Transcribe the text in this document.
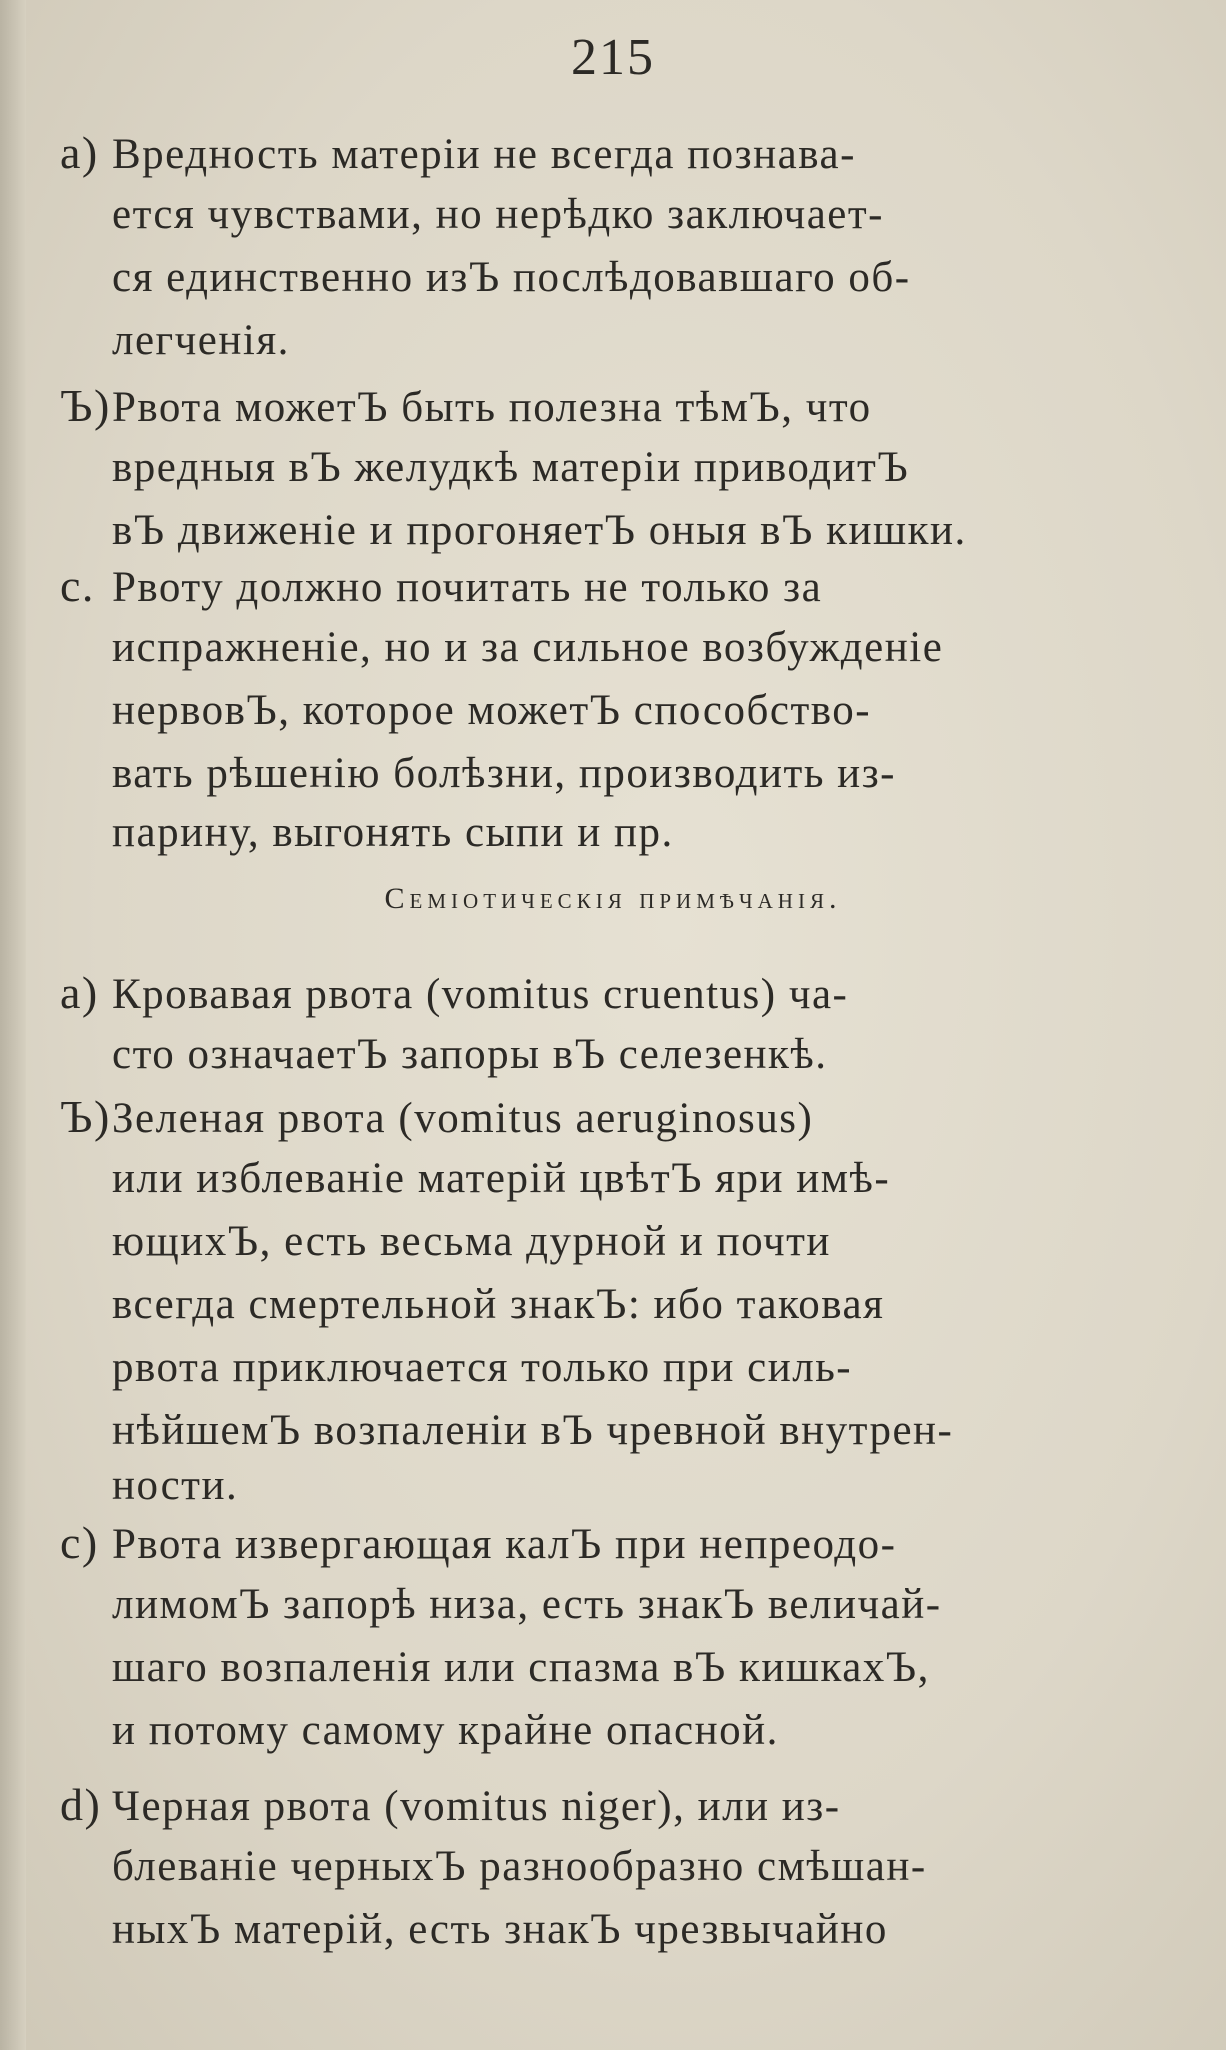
215
a) Вредность матеріи не всегда познава-
ется чувствами, но нерѣдко заключает-
ся единственно изЪ послѣдовавшаго об-
легченія.
Ъ)Рвота можетЪ быть полезна тѣмЪ, что
вредныя вЪ желудкѣ матеріи приводитЪ
вЪ движеніе и прогоняетЪ оныя вЪ кишки.
c. Рвоту должно почитать не только за
испражненіе, но и за сильное возбужденіе
нервовЪ, которое можетЪ способство-
вать рѣшенію болѣзни, производить из-
парину, выгонять сыпи и пр.
Семіотическія примѣчанія.
a) Кровавая рвота (vomitus cruentus) ча-
сто означаетЪ запоры вЪ селезенкѣ.
Ъ)Зеленая рвота (vomitus aeruginosus)
или изблеваніе матерій цвѣтЪ яри имѣ-
ющихЪ, есть весьма дурной и почти
всегда смертельной знакЪ: ибо таковая
рвота приключается только при силь-
нѣйшемЪ возпаленіи вЪ чревной внутрен-
ности.
c) Рвота извергающая калЪ при непреодо-
лимомЪ запорѣ низа, есть знакЪ величай-
шаго возпаленія или спазма вЪ кишкахЪ,
и потому самому крайне опасной.
d) Черная рвота (vomitus niger), или из-
блеваніе черныхЪ разнообразно смѣшан-
ныхЪ матерій, есть знакЪ чрезвычайно
